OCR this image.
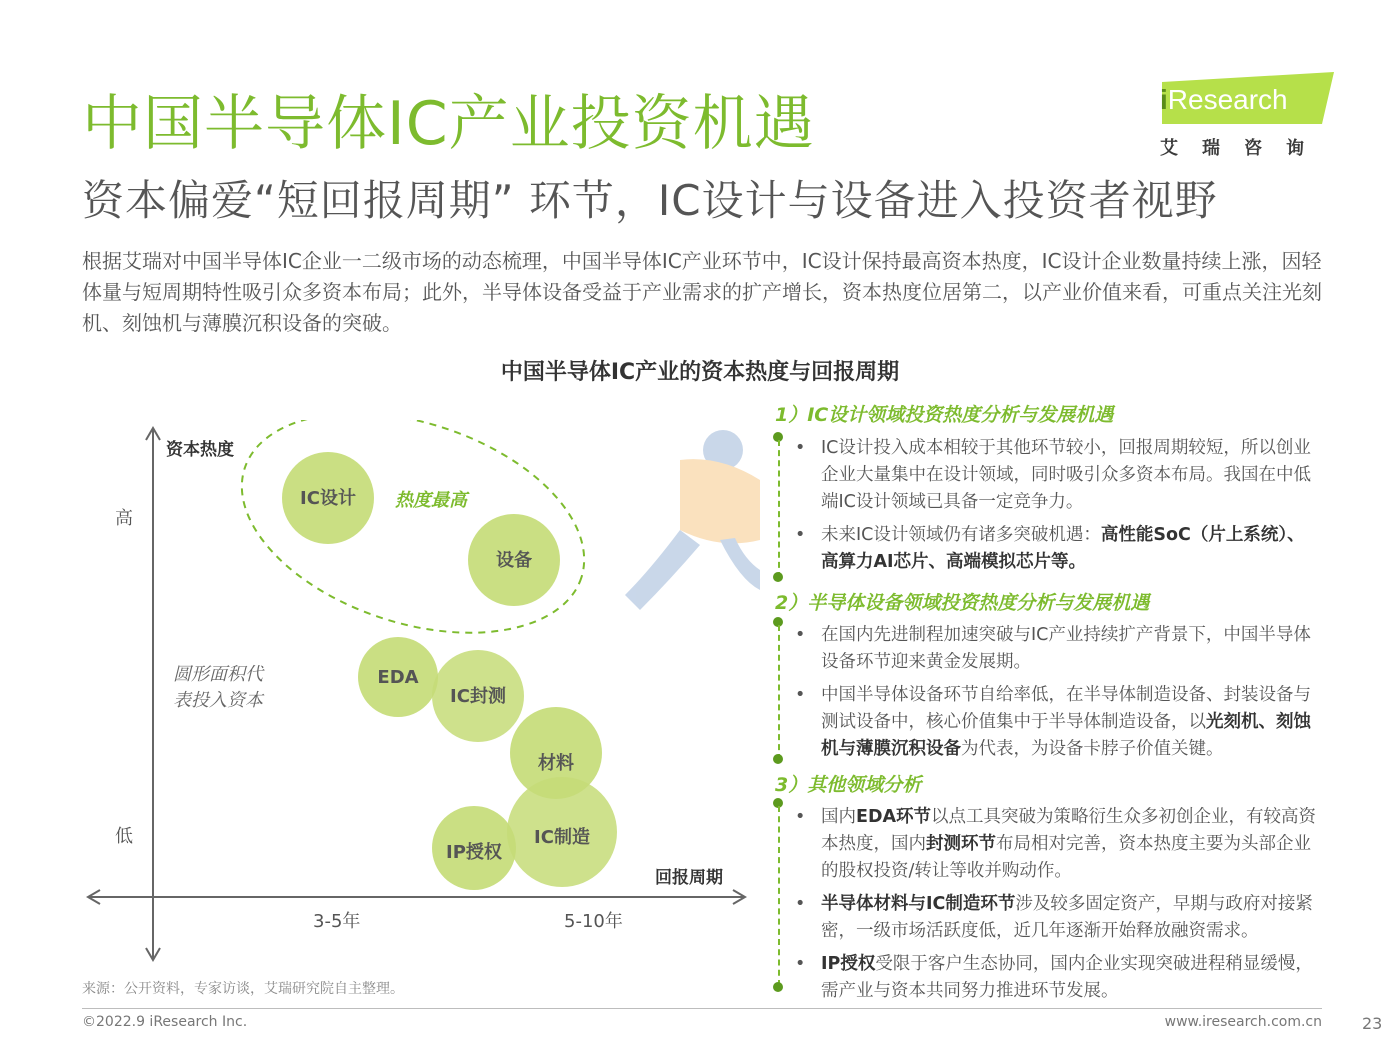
中国半导体IC产业投资机遇
资本偏爱“短回报周期” 环节，IC设计与设备进入投资者视野
iResearch
艾瑞咨询
根据艾瑞对中国半导体IC企业一二级市场的动态梳理，中国半导体IC产业环节中，IC设计保持最高资本热度，IC设计企业数量持续上涨，因轻体量与短周期特性吸引众多资本布局；此外，半导体设备受益于产业需求的扩产增长，资本热度位居第二，以产业价值来看，可重点关注光刻机、刻蚀机与薄膜沉积设备的突破。
中国半导体IC产业的资本热度与回报周期
资本热度
回报周期
高
低
3-5年	5-10年
热度最高
圆形面积代
表投入资本
IC设计
设备
EDA
IC封测
材料
IP授权
IC制造
1）IC设计领域投资热度分析与发展机遇
• IC设计投入成本相较于其他环节较小，回报周期较短，所以创业企业大量集中在设计领域，同时吸引众多资本布局。我国在中低端IC设计领域已具备一定竞争力。
• 未来IC设计领域仍有诸多突破机遇：高性能SoC（片上系统）、高算力AI芯片、高端模拟芯片等。
2）半导体设备领域投资热度分析与发展机遇
• 在国内先进制程加速突破与IC产业持续扩产背景下，中国半导体设备环节迎来黄金发展期。
• 中国半导体设备环节自给率低，在半导体制造设备、封装设备与测试设备中，核心价值集中于半导体制造设备，以光刻机、刻蚀机与薄膜沉积设备为代表，为设备卡脖子价值关键。
3）其他领域分析
• 国内EDA环节以点工具突破为策略衍生众多初创企业，有较高资本热度，国内封测环节布局相对完善，资本热度主要为头部企业的股权投资/转让等收并购动作。
• 半导体材料与IC制造环节涉及较多固定资产，早期与政府对接紧密，一级市场活跃度低，近几年逐渐开始释放融资需求。
• IP授权受限于客户生态协同，国内企业实现突破进程稍显缓慢，需产业与资本共同努力推进环节发展。
来源：公开资料，专家访谈，艾瑞研究院自主整理。
©2022.9 iResearch Inc.	www.iresearch.com.cn	23
